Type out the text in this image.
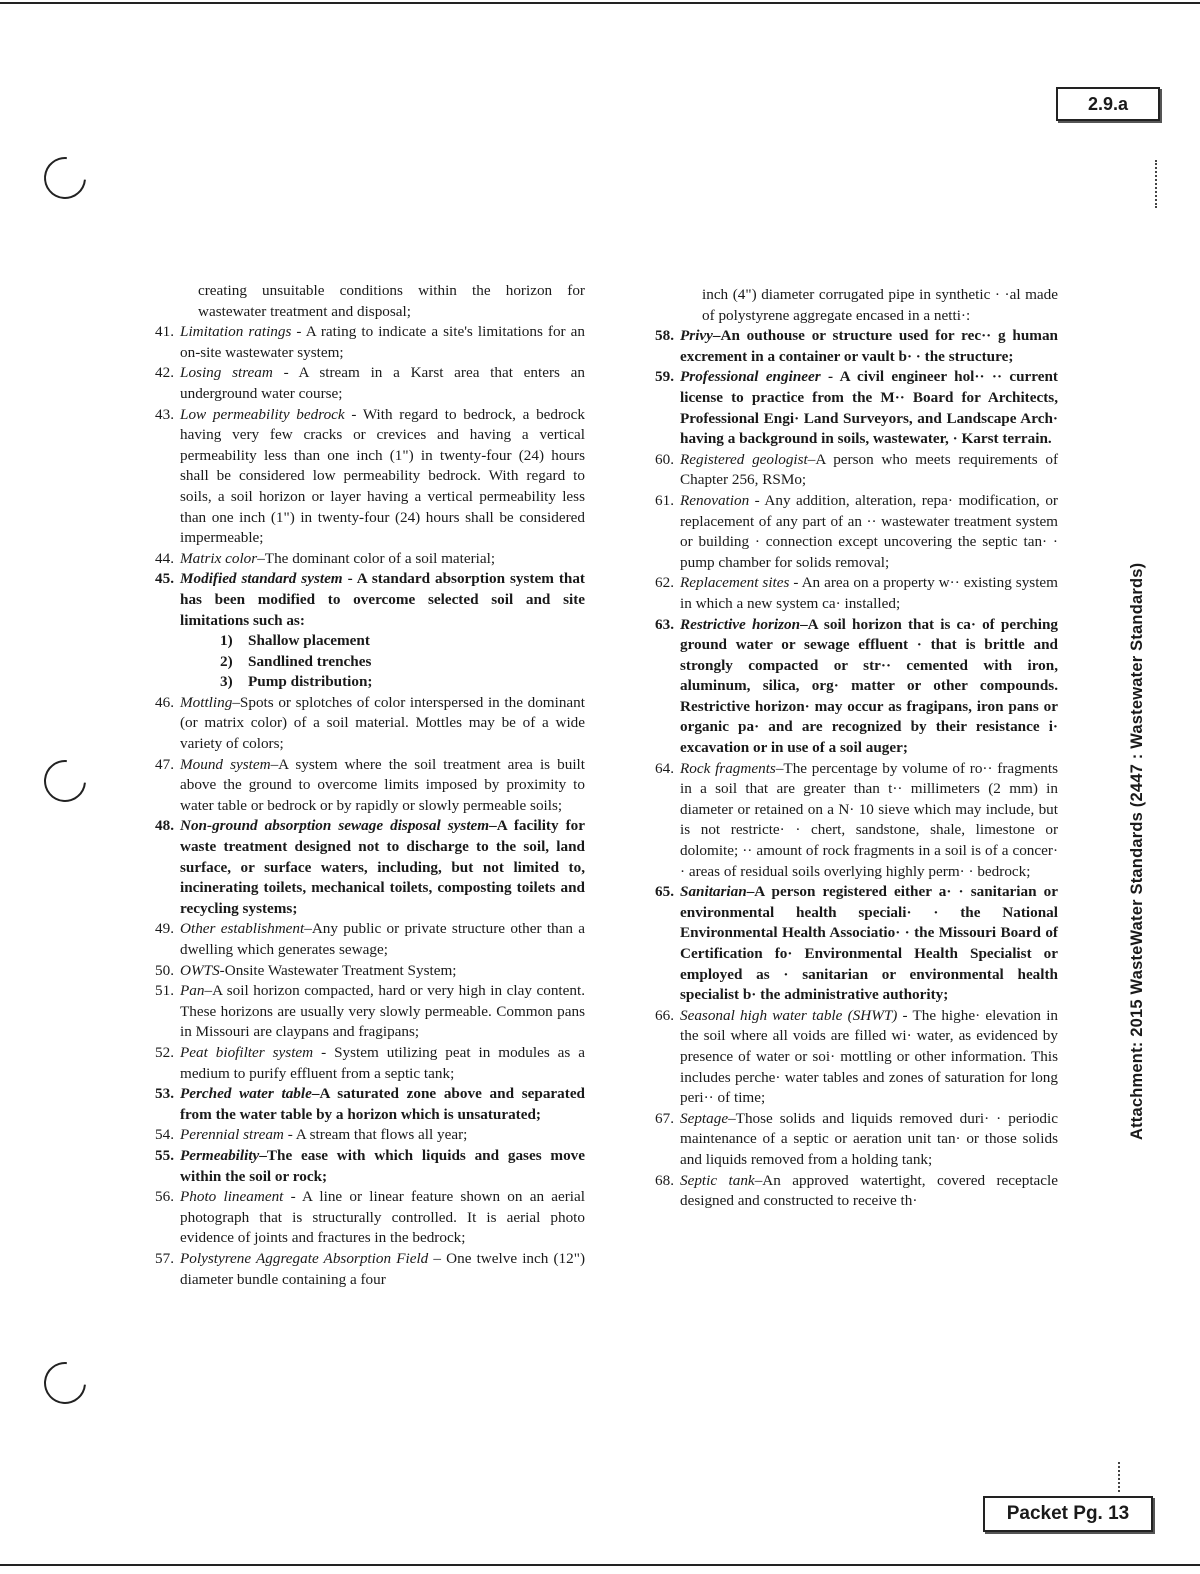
2.9.a
Packet Pg. 13
Attachment: 2015 WasteWater Standards (2447 : Wastewater Standards)
creating unsuitable conditions within the horizon for wastewater treatment and disposal;
41. Limitation ratings - A rating to indicate a site's limitations for an on-site wastewater system;
42. Losing stream - A stream in a Karst area that enters an underground water course;
43. Low permeability bedrock - With regard to bedrock, a bedrock having very few cracks or crevices and having a vertical permeability less than one inch (1") in twenty-four (24) hours shall be considered low permeability bedrock. With regard to soils, a soil horizon or layer having a vertical permeability less than one inch (1") in twenty-four (24) hours shall be considered impermeable;
44. Matrix color–The dominant color of a soil material;
45. Modified standard system - A standard absorption system that has been modified to overcome selected soil and site limitations such as:
1) Shallow placement
2) Sandlined trenches
3) Pump distribution;
46. Mottling–Spots or splotches of color interspersed in the dominant (or matrix color) of a soil material. Mottles may be of a wide variety of colors;
47. Mound system–A system where the soil treatment area is built above the ground to overcome limits imposed by proximity to water table or bedrock or by rapidly or slowly permeable soils;
48. Non-ground absorption sewage disposal system–A facility for waste treatment designed not to discharge to the soil, land surface, or surface waters, including, but not limited to, incinerating toilets, mechanical toilets, composting toilets and recycling systems;
49. Other establishment–Any public or private structure other than a dwelling which generates sewage;
50. OWTS-Onsite Wastewater Treatment System;
51. Pan–A soil horizon compacted, hard or very high in clay content. These horizons are usually very slowly permeable. Common pans in Missouri are claypans and fragipans;
52. Peat biofilter system - System utilizing peat in modules as a medium to purify effluent from a septic tank;
53. Perched water table–A saturated zone above and separated from the water table by a horizon which is unsaturated;
54. Perennial stream - A stream that flows all year;
55. Permeability–The ease with which liquids and gases move within the soil or rock;
56. Photo lineament - A line or linear feature shown on an aerial photograph that is structurally controlled. It is aerial photo evidence of joints and fractures in the bedrock;
57. Polystyrene Aggregate Absorption Field – One twelve inch (12") diameter bundle containing a four
inch (4") diameter corrugated pipe in synthetic · ·al made of polystyrene aggregate encased in a netti·:
58. Privy–An outhouse or structure used for rec·· g human excrement in a container or vault b· · the structure;
59. Professional engineer - A civil engineer hol·· ·· current license to practice from the M·· Board for Architects, Professional Engi· Land Surveyors, and Landscape Arch· having a background in soils, wastewater, · Karst terrain.
60. Registered geologist–A person who meets requirements of Chapter 256, RSMo;
61. Renovation - Any addition, alteration, repa· modification, or replacement of any part of an ·· wastewater treatment system or building · connection except uncovering the septic tan· · pump chamber for solids removal;
62. Replacement sites - An area on a property w·· existing system in which a new system ca· installed;
63. Restrictive horizon–A soil horizon that is ca· of perching ground water or sewage effluent · that is brittle and strongly compacted or str·· cemented with iron, aluminum, silica, org· matter or other compounds. Restrictive horizon· may occur as fragipans, iron pans or organic pa· and are recognized by their resistance i· excavation or in use of a soil auger;
64. Rock fragments–The percentage by volume of ro·· fragments in a soil that are greater than t·· millimeters (2 mm) in diameter or retained on a N· 10 sieve which may include, but is not restricte· · chert, sandstone, shale, limestone or dolomite; ·· amount of rock fragments in a soil is of a concer· · areas of residual soils overlying highly perm· · bedrock;
65. Sanitarian–A person registered either a· · sanitarian or environmental health speciali· · the National Environmental Health Associatio· · the Missouri Board of Certification fo· Environmental Health Specialist or employed as · sanitarian or environmental health specialist b· the administrative authority;
66. Seasonal high water table (SHWT) - The highe· elevation in the soil where all voids are filled wi· water, as evidenced by presence of water or soi· mottling or other information. This includes perche· water tables and zones of saturation for long peri·· of time;
67. Septage–Those solids and liquids removed duri· · periodic maintenance of a septic or aeration unit tan· or those solids and liquids removed from a holding tank;
68. Septic tank–An approved watertight, covered receptacle designed and constructed to receive th·
